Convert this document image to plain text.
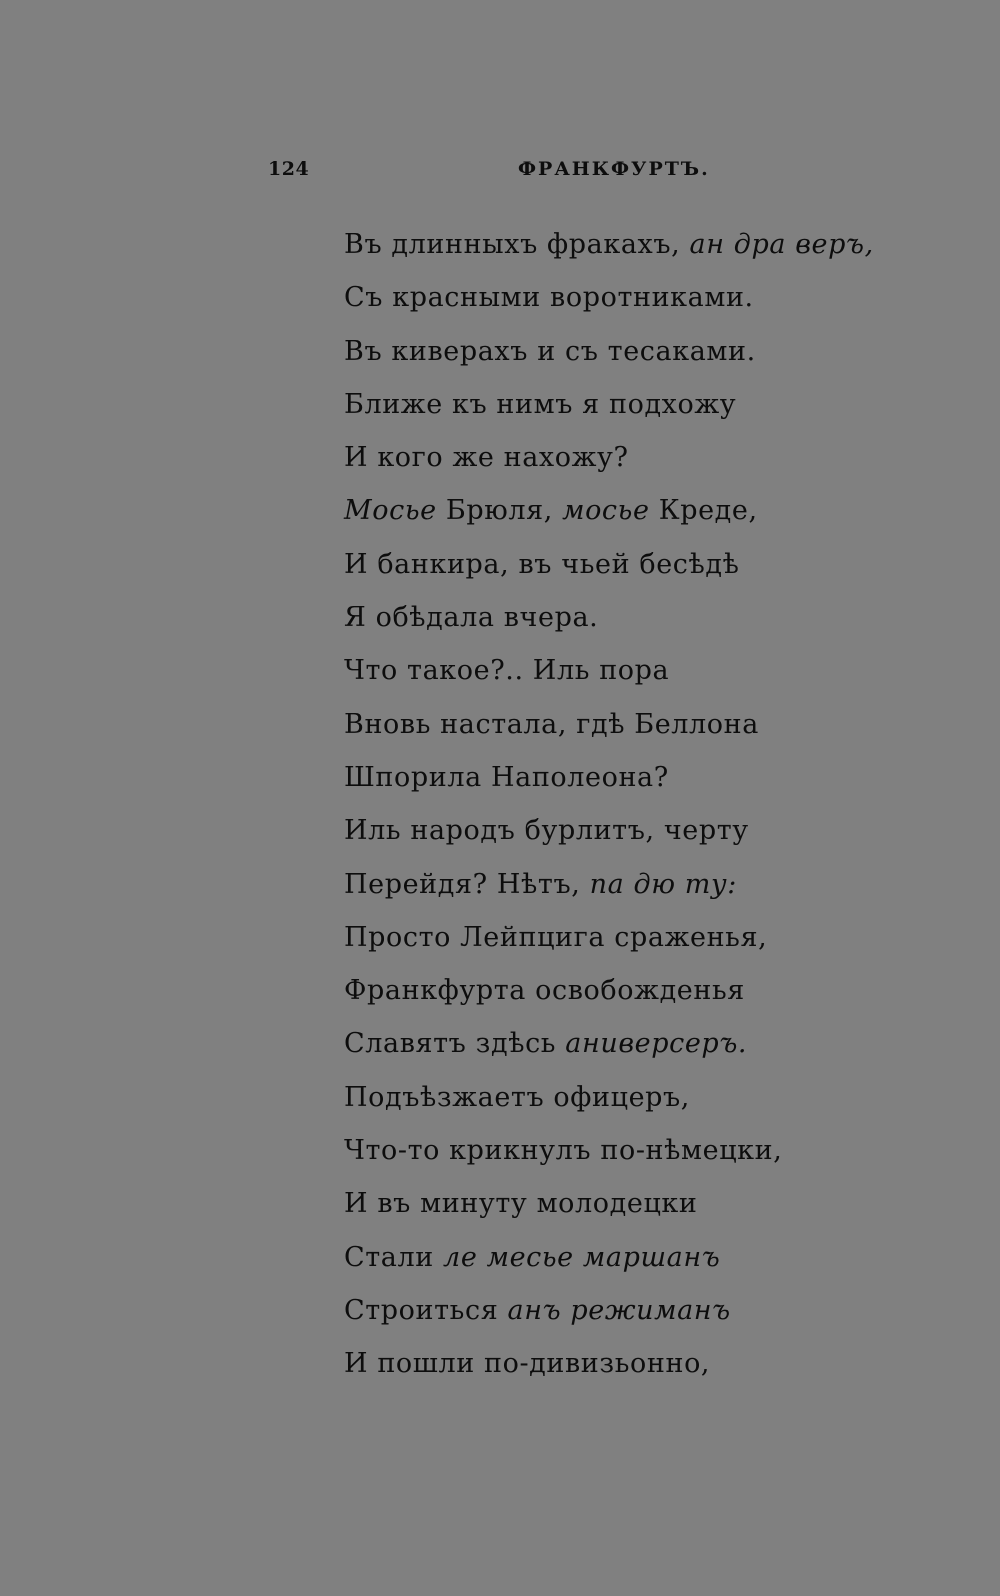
124	ФРАНКФУРТЪ.
Въ длинныхъ фракахъ, ан дра веръ,
Съ красными воротниками.
Въ киверахъ и съ тесаками.
Ближе къ нимъ я подхожу
И кого же нахожу?
Мосье Брюля, мосье Креде,
И банкира, въ чьей бесѣдѣ
Я обѣдала вчера.
Что такое?.. Иль пора
Вновь настала, гдѣ Беллона
Шпорила Наполеона?
Иль народъ бурлитъ, черту
Перейдя? Нѣтъ, па дю ту:
Просто Лейпцига сраженья,
Франкфурта освобожденья
Славятъ здѣсь аниверсеръ.
Подъѣзжаетъ офицеръ,
Что-то крикнулъ по-нѣмецки,
И въ минуту молодецки
Стали ле месье маршанъ
Строиться анъ режиманъ
И пошли по-дивизьонно,
